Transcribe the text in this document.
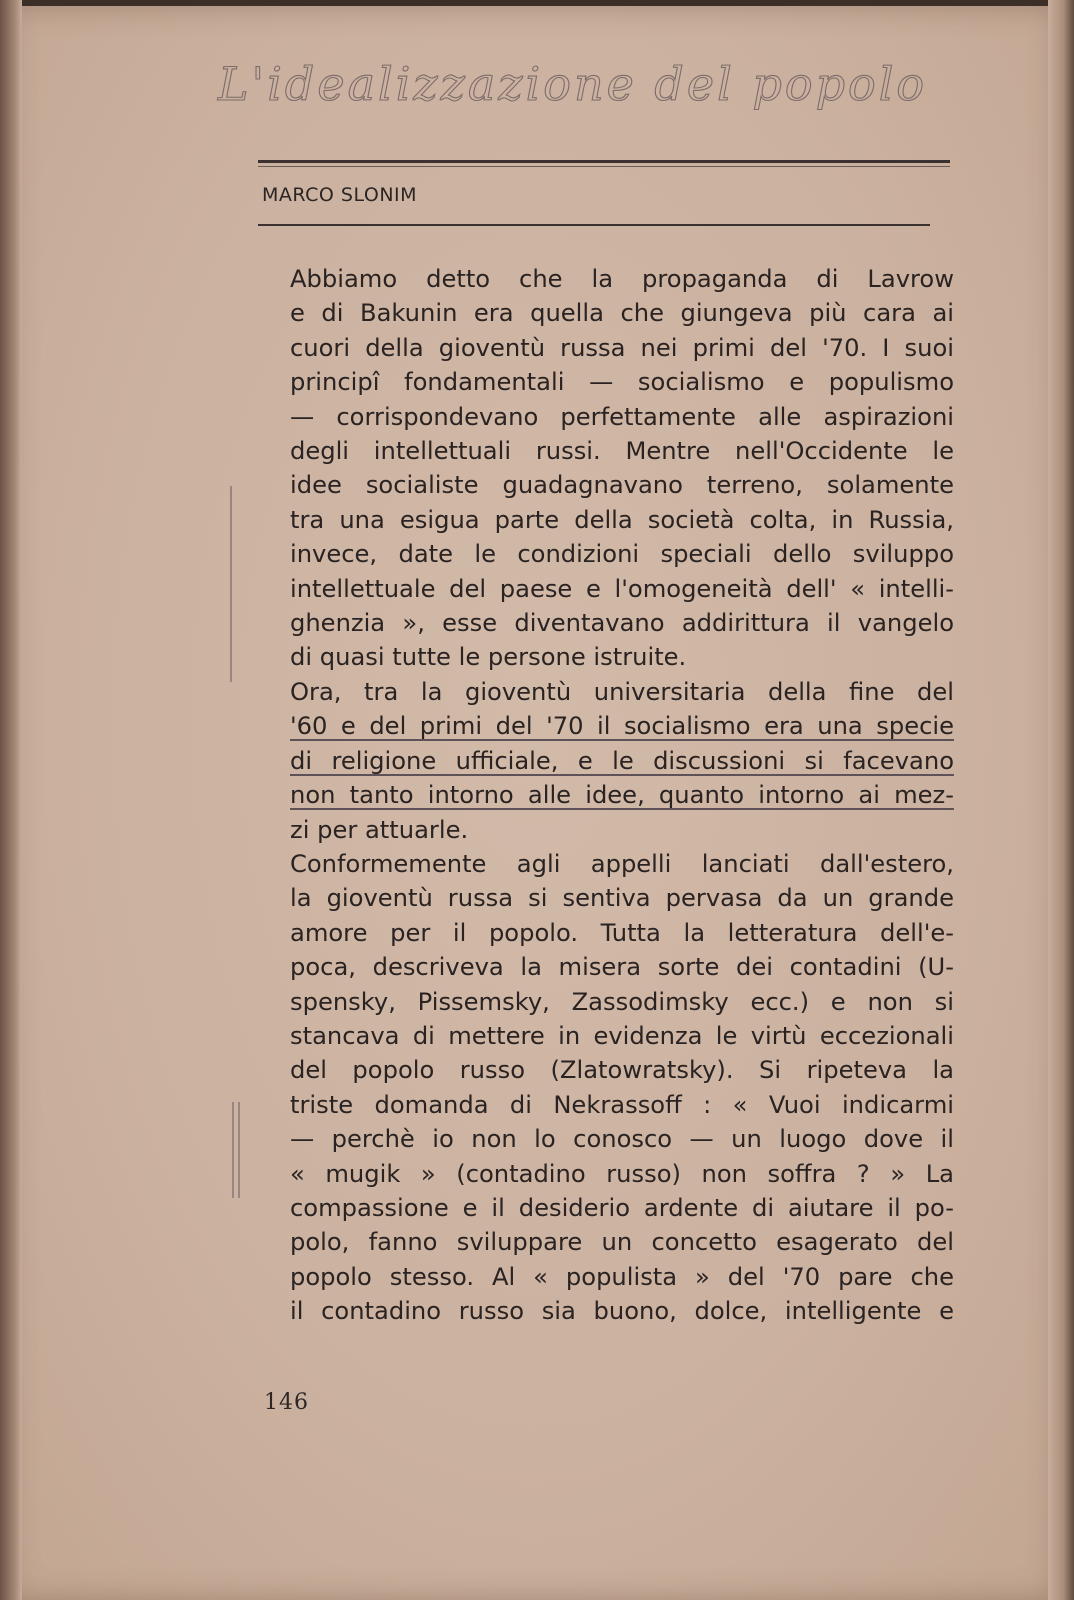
L'idealizzazione del popolo
MARCO SLONIM

Abbiamo detto che la propaganda di Lavrow
e di Bakunin era quella che giungeva più cara ai
cuori della gioventù russa nei primi del '70. I suoi
principî fondamentali — socialismo e populismo
— corrispondevano perfettamente alle aspirazioni
degli intellettuali russi. Mentre nell'Occidente le
idee socialiste guadagnavano terreno, solamente
tra una esigua parte della società colta, in Russia,
invece, date le condizioni speciali dello sviluppo
intellettuale del paese e l'omogeneità dell' « intelli-
ghenzia », esse diventavano addirittura il vangelo
di quasi tutte le persone istruite.

Ora, tra la gioventù universitaria della fine del
'60 e del primi del '70 il socialismo era una specie
di religione ufficiale, e le discussioni si facevano
non tanto intorno alle idee, quanto intorno ai mez-
zi per attuarle.

Conformemente agli appelli lanciati dall'estero,
la gioventù russa si sentiva pervasa da un grande
amore per il popolo. Tutta la letteratura dell'e-
poca, descriveva la misera sorte dei contadini (U-
spensky, Pissemsky, Zassodimsky ecc.) e non si
stancava di mettere in evidenza le virtù eccezionali
del popolo russo (Zlatowratsky). Si ripeteva la
triste domanda di Nekrassoff : « Vuoi indicarmi
— perchè io non lo conosco — un luogo dove il
« mugik » (contadino russo) non soffra ? » La
compassione e il desiderio ardente di aiutare il po-
polo, fanno sviluppare un concetto esagerato del
popolo stesso. Al « populista » del '70 pare che
il contadino russo sia buono, dolce, intelligente e

146
